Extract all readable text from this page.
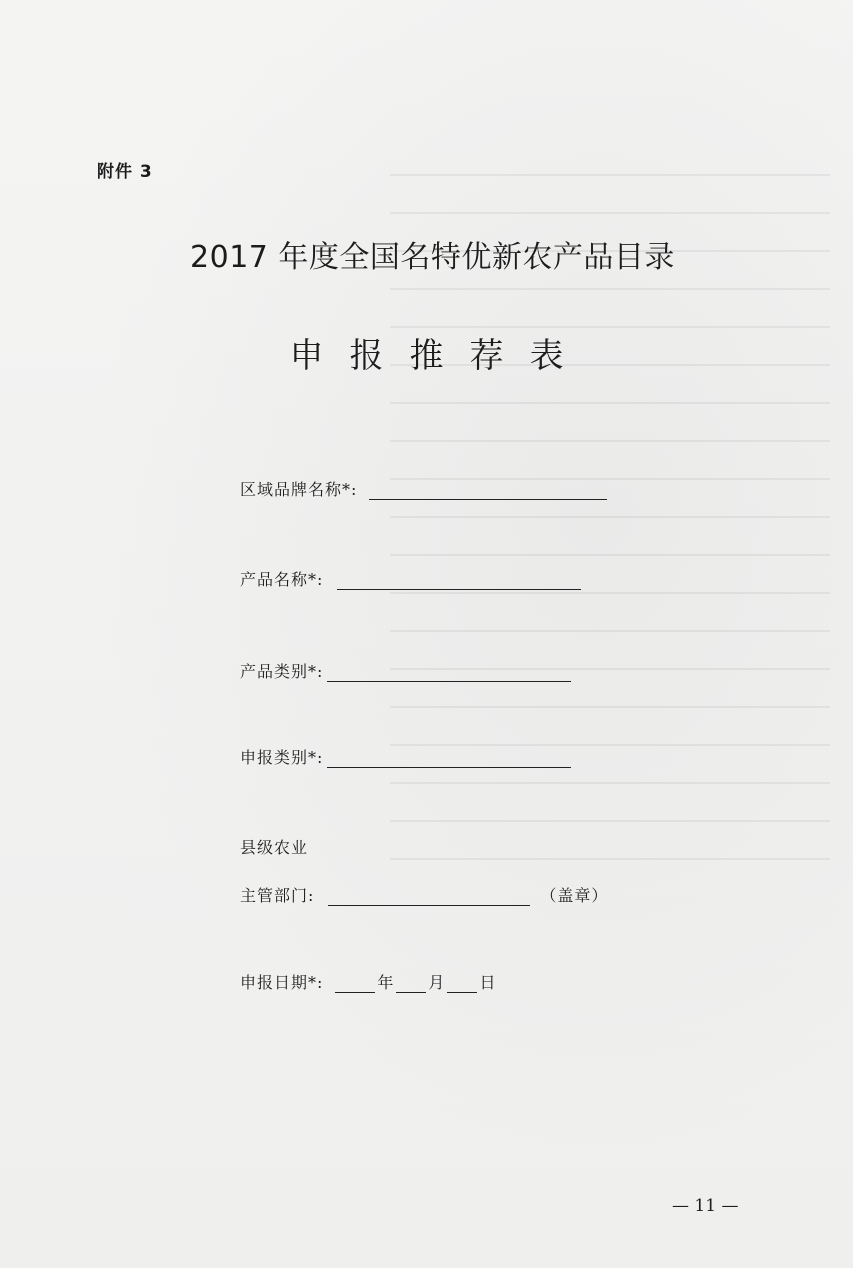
附件 3
2017 年度全国名特优新农产品目录
申报推荐表
区域品牌名称*:
产品名称*:
产品类别*:
申报类别*:
县级农业
主管部门:	（盖章）
申报日期*:	年 月 日
— 11 —
